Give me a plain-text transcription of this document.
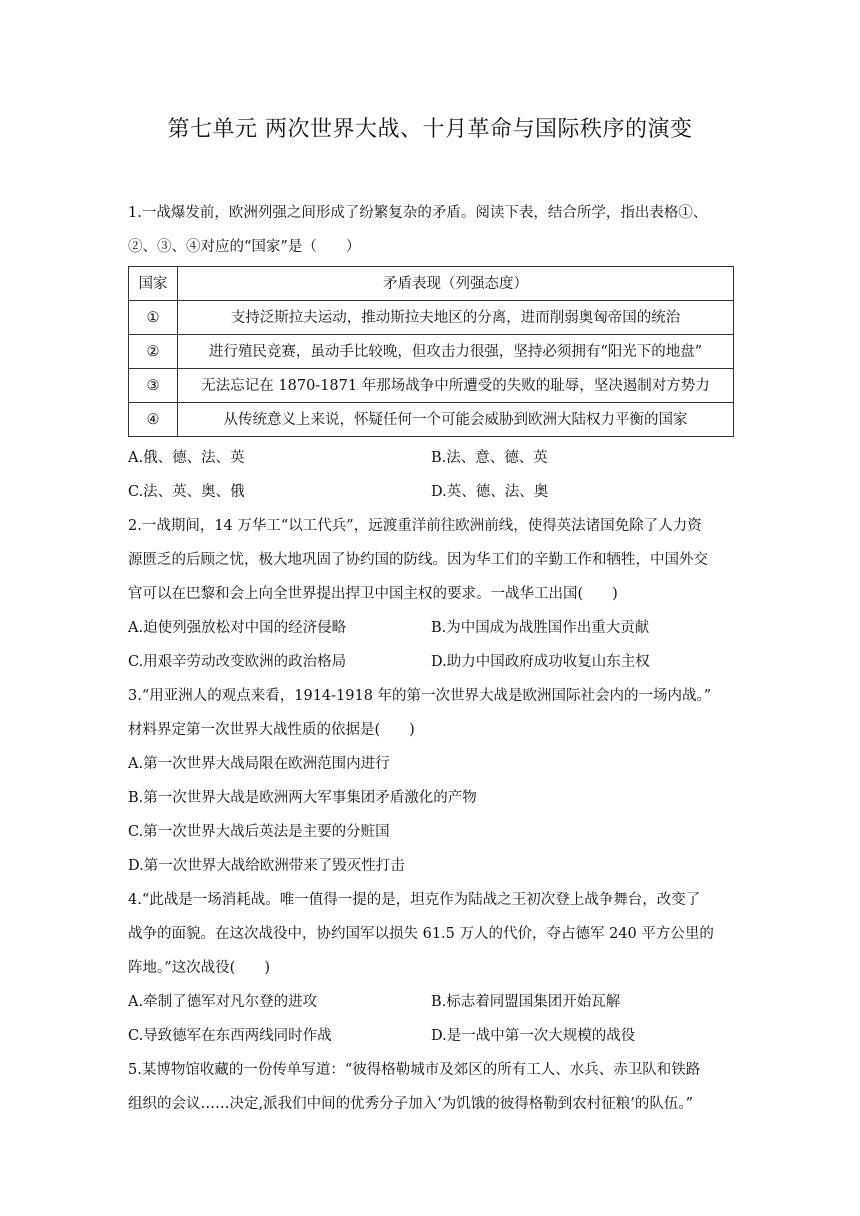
第七单元 两次世界大战、十月革命与国际秩序的演变

1.一战爆发前，欧洲列强之间形成了纷繁复杂的矛盾。阅读下表，结合所学，指出表格①、

②、③、④对应的“国家”是（　　）

国家	矛盾表现（列强态度）
①	支持泛斯拉夫运动，推动斯拉夫地区的分离，进而削弱奥匈帝国的统治
②	进行殖民竞赛，虽动手比较晚，但攻击力很强，坚持必须拥有“阳光下的地盘”
③	无法忘记在 1870-1871 年那场战争中所遭受的失败的耻辱，坚决遏制对方势力
④	从传统意义上来说，怀疑任何一个可能会威胁到欧洲大陆权力平衡的国家
A.俄、德、法、英	B.法、意、德、英
C.法、英、奥、俄	D.英、德、法、奥

2.一战期间，14 万华工“以工代兵”，远渡重洋前往欧洲前线，使得英法诸国免除了人力资

源匮乏的后顾之忧，极大地巩固了协约国的防线。因为华工们的辛勤工作和牺牲，中国外交

官可以在巴黎和会上向全世界提出捍卫中国主权的要求。一战华工出国(　　)

A.迫使列强放松对中国的经济侵略	B.为中国成为战胜国作出重大贡献
C.用艰辛劳动改变欧洲的政治格局	D.助力中国政府成功收复山东主权

3.“用亚洲人的观点来看，1914-1918 年的第一次世界大战是欧洲国际社会内的一场内战。”

材料界定第一次世界大战性质的依据是(　　)

A.第一次世界大战局限在欧洲范围内进行

B.第一次世界大战是欧洲两大军事集团矛盾激化的产物

C.第一次世界大战后英法是主要的分赃国

D.第一次世界大战给欧洲带来了毁灭性打击

4.“此战是一场消耗战。唯一值得一提的是，坦克作为陆战之王初次登上战争舞台，改变了

战争的面貌。在这次战役中，协约国军以损失 61.5 万人的代价，夺占德军 240 平方公里的

阵地。”这次战役(　　)

A.牵制了德军对凡尔登的进攻	B.标志着同盟国集团开始瓦解
C.导致德军在东西两线同时作战	D.是一战中第一次大规模的战役

5.某博物馆收藏的一份传单写道：“彼得格勒城市及郊区的所有工人、水兵、赤卫队和铁路

组织的会议……决定,派我们中间的优秀分子加入‘为饥饿的彼得格勒到农村征粮’的队伍。”
